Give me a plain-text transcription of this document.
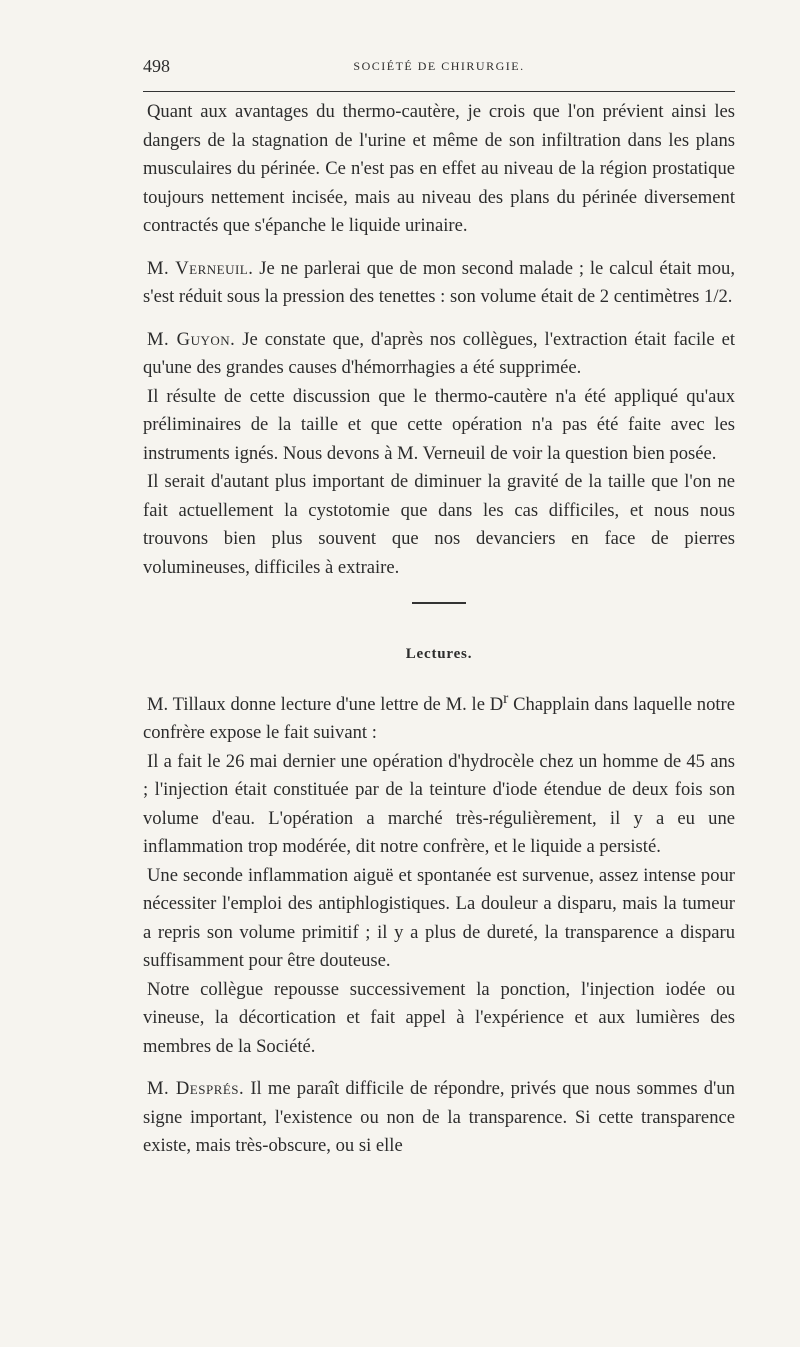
498	SOCIÉTÉ DE CHIRURGIE.

Quant aux avantages du thermo-cautère, je crois que l'on prévient ainsi les dangers de la stagnation de l'urine et même de son infiltration dans les plans musculaires du périnée. Ce n'est pas en effet au niveau de la région prostatique toujours nettement incisée, mais au niveau des plans du périnée diversement contractés que s'épanche le liquide urinaire.

M. Verneuil. Je ne parlerai que de mon second malade ; le calcul était mou, s'est réduit sous la pression des tenettes : son volume était de 2 centimètres 1/2.

M. Guyon. Je constate que, d'après nos collègues, l'extraction était facile et qu'une des grandes causes d'hémorrhagies a été supprimée.

Il résulte de cette discussion que le thermo-cautère n'a été appliqué qu'aux préliminaires de la taille et que cette opération n'a pas été faite avec les instruments ignés. Nous devons à M. Verneuil de voir la question bien posée.

Il serait d'autant plus important de diminuer la gravité de la taille que l'on ne fait actuellement la cystotomie que dans les cas difficiles, et nous nous trouvons bien plus souvent que nos devanciers en face de pierres volumineuses, difficiles à extraire.

Lectures.

M. Tillaux donne lecture d'une lettre de M. le $D^r$ Chapplain dans laquelle notre confrère expose le fait suivant :

Il a fait le 26 mai dernier une opération d'hydrocèle chez un homme de 45 ans ; l'injection était constituée par de la teinture d'iode étendue de deux fois son volume d'eau. L'opération a marché très-régulièrement, il y a eu une inflammation trop modérée, dit notre confrère, et le liquide a persisté.

Une seconde inflammation aiguë et spontanée est survenue, assez intense pour nécessiter l'emploi des antiphlogistiques. La douleur a disparu, mais la tumeur a repris son volume primitif ; il y a plus de dureté, la transparence a disparu suffisamment pour être douteuse.

Notre collègue repousse successivement la ponction, l'injection iodée ou vineuse, la décortication et fait appel à l'expérience et aux lumières des membres de la Société.

M. Després. Il me paraît difficile de répondre, privés que nous sommes d'un signe important, l'existence ou non de la transparence. Si cette transparence existe, mais très-obscure, ou si elle
